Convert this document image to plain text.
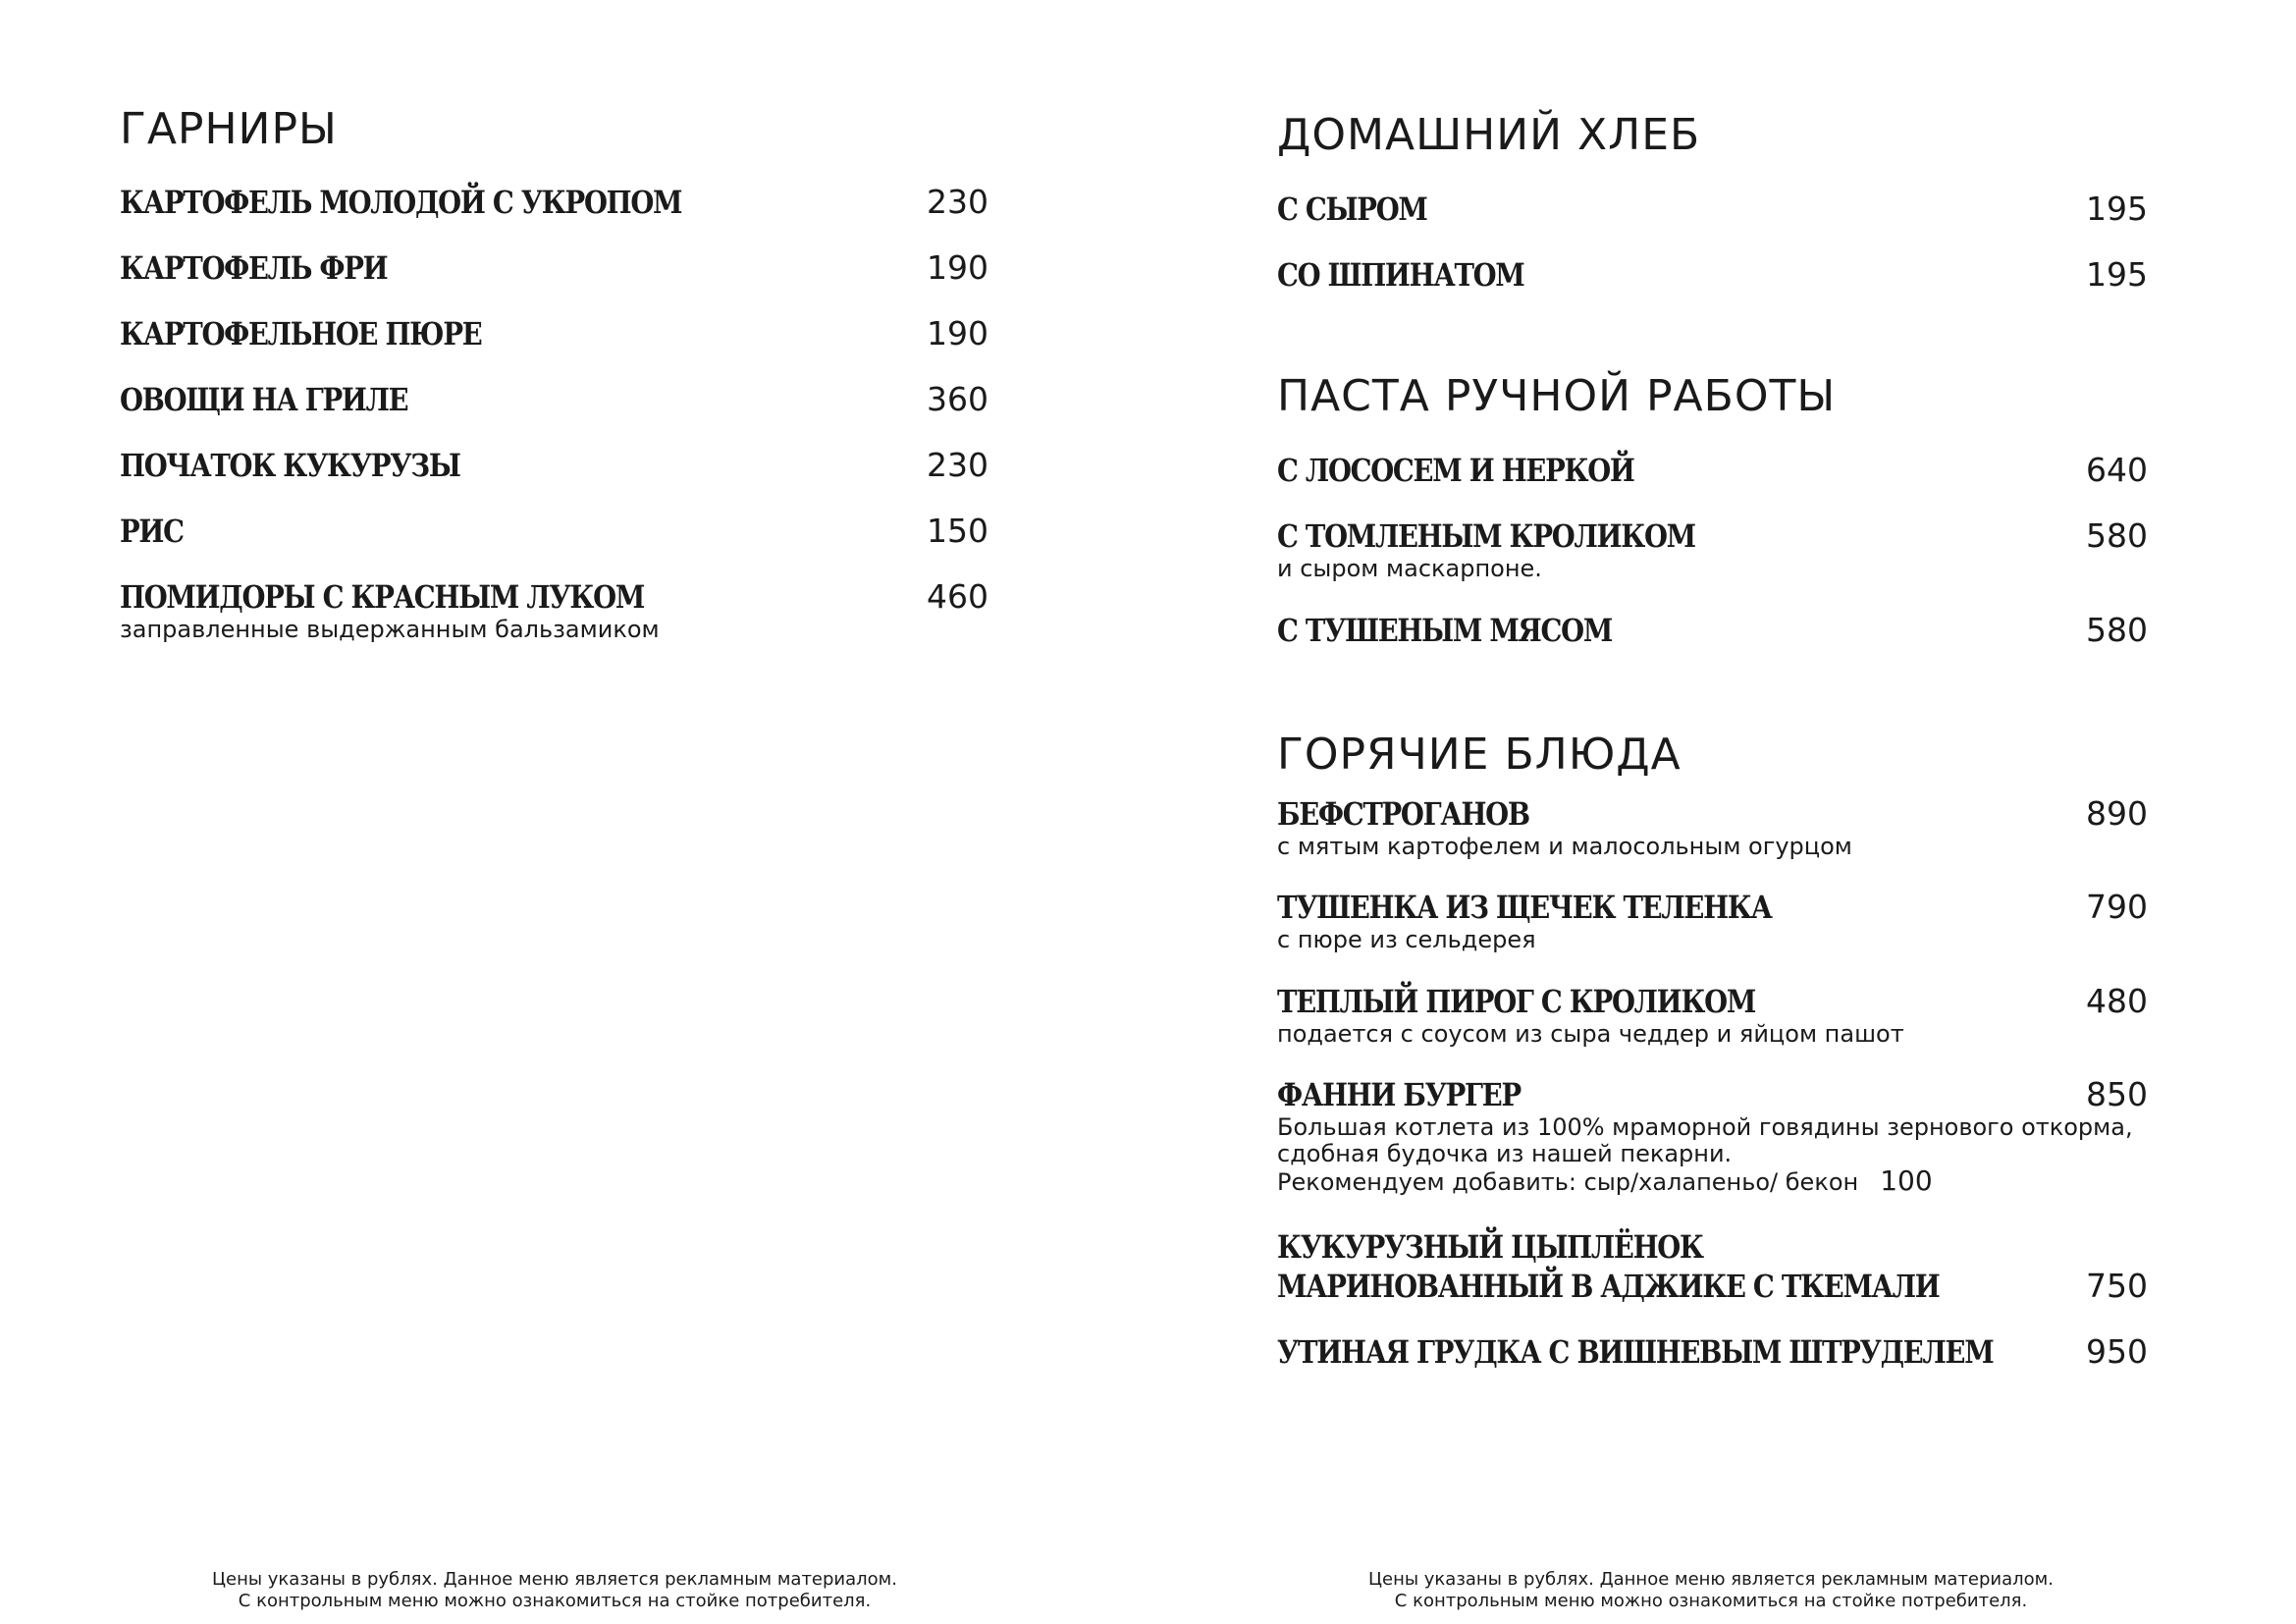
ГАРНИРЫ
КАРТОФЕЛЬ МОЛОДОЙ С УКРОПОМ	230
КАРТОФЕЛЬ ФРИ	190
КАРТОФЕЛЬНОЕ ПЮРЕ	190
ОВОЩИ НА ГРИЛЕ	360
ПОЧАТОК КУКУРУЗЫ	230
РИС	150
ПОМИДОРЫ С КРАСНЫМ ЛУКОМ	460
заправленные выдержанным бальзамиком
Цены указаны в рублях. Данное меню является рекламным материалом.
С контрольным меню можно ознакомиться на стойке потребителя.
ДОМАШНИЙ ХЛЕБ
С СЫРОМ	195
СО ШПИНАТОМ	195
ПАСТА РУЧНОЙ РАБОТЫ
С ЛОСОСЕМ И НЕРКОЙ	640
С ТОМЛЕНЫМ КРОЛИКОМ	580
и сыром маскарпоне.
С ТУШЕНЫМ МЯСОМ	580
ГОРЯЧИЕ БЛЮДА
БЕФСТРОГАНОВ	890
с мятым картофелем и малосольным огурцом
ТУШЕНКА ИЗ ЩЕЧЕК ТЕЛЕНКА	790
с пюре из сельдерея
ТЕПЛЫЙ ПИРОГ С КРОЛИКОМ	480
подается с соусом из сыра чеддер и яйцом пашот
ФАННИ БУРГЕР	850
Большая котлета из 100% мраморной говядины зернового откорма,
сдобная будочка из нашей пекарни.
Рекомендуем добавить: сыр/халапеньо/ бекон 100
КУКУРУЗНЫЙ ЦЫПЛЁНОК
МАРИНОВАННЫЙ В АДЖИКЕ С ТКЕМАЛИ	750
УТИНАЯ ГРУДКА С ВИШНЕВЫМ ШТРУДЕЛЕМ	950
Цены указаны в рублях. Данное меню является рекламным материалом.
С контрольным меню можно ознакомиться на стойке потребителя.
